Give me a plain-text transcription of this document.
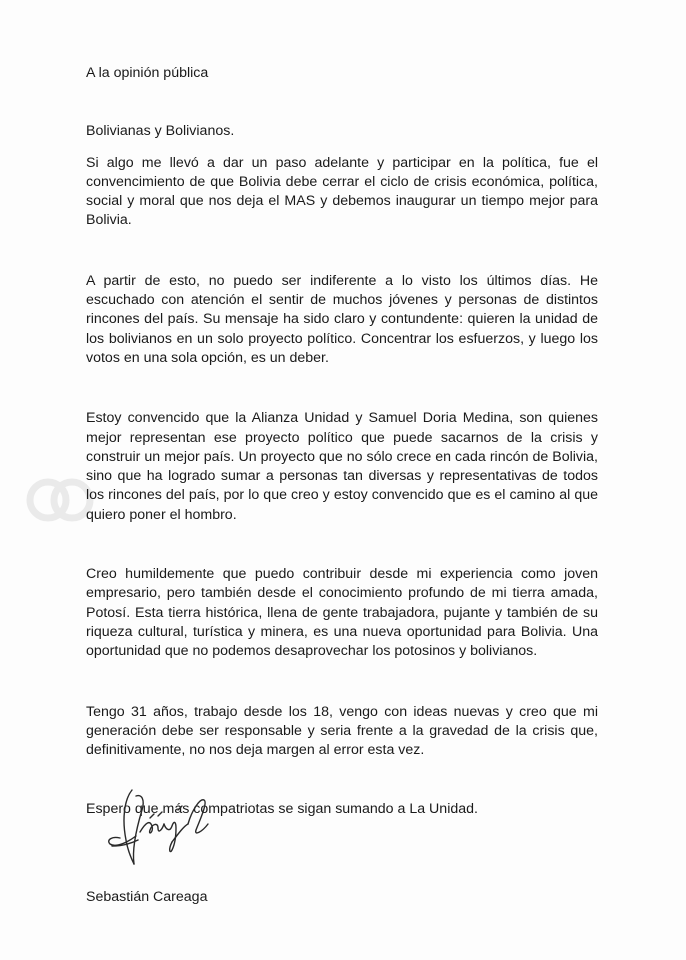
A la opinión pública

Bolivianas y Bolivianos.

Si algo me llevó a dar un paso adelante y participar en la política, fue el convencimiento de que Bolivia debe cerrar el ciclo de crisis económica, política, social y moral que nos deja el MAS y debemos inaugurar un tiempo mejor para Bolivia.

A partir de esto, no puedo ser indiferente a lo visto los últimos días. He escuchado con atención el sentir de muchos jóvenes y personas de distintos rincones del país. Su mensaje ha sido claro y contundente: quieren la unidad de los bolivianos en un solo proyecto político. Concentrar los esfuerzos, y luego los votos en una sola opción, es un deber.

Estoy convencido que la Alianza Unidad y Samuel Doria Medina, son quienes mejor representan ese proyecto político que puede sacarnos de la crisis y construir un mejor país. Un proyecto que no sólo crece en cada rincón de Bolivia, sino que ha logrado sumar a personas tan diversas y representativas de todos los rincones del país, por lo que creo y estoy convencido que es el camino al que quiero poner el hombro.

Creo humildemente que puedo contribuir desde mi experiencia como joven empresario, pero también desde el conocimiento profundo de mi tierra amada, Potosí. Esta tierra histórica, llena de gente trabajadora, pujante y también de su riqueza cultural, turística y minera, es una nueva oportunidad para Bolivia. Una oportunidad que no podemos desaprovechar los potosinos y bolivianos.

Tengo 31 años, trabajo desde los 18, vengo con ideas nuevas y creo que mi generación debe ser responsable y seria frente a la gravedad de la crisis que, definitivamente, no nos deja margen al error esta vez.

Espero que más compatriotas se sigan sumando a La Unidad.

Sebastián Careaga
